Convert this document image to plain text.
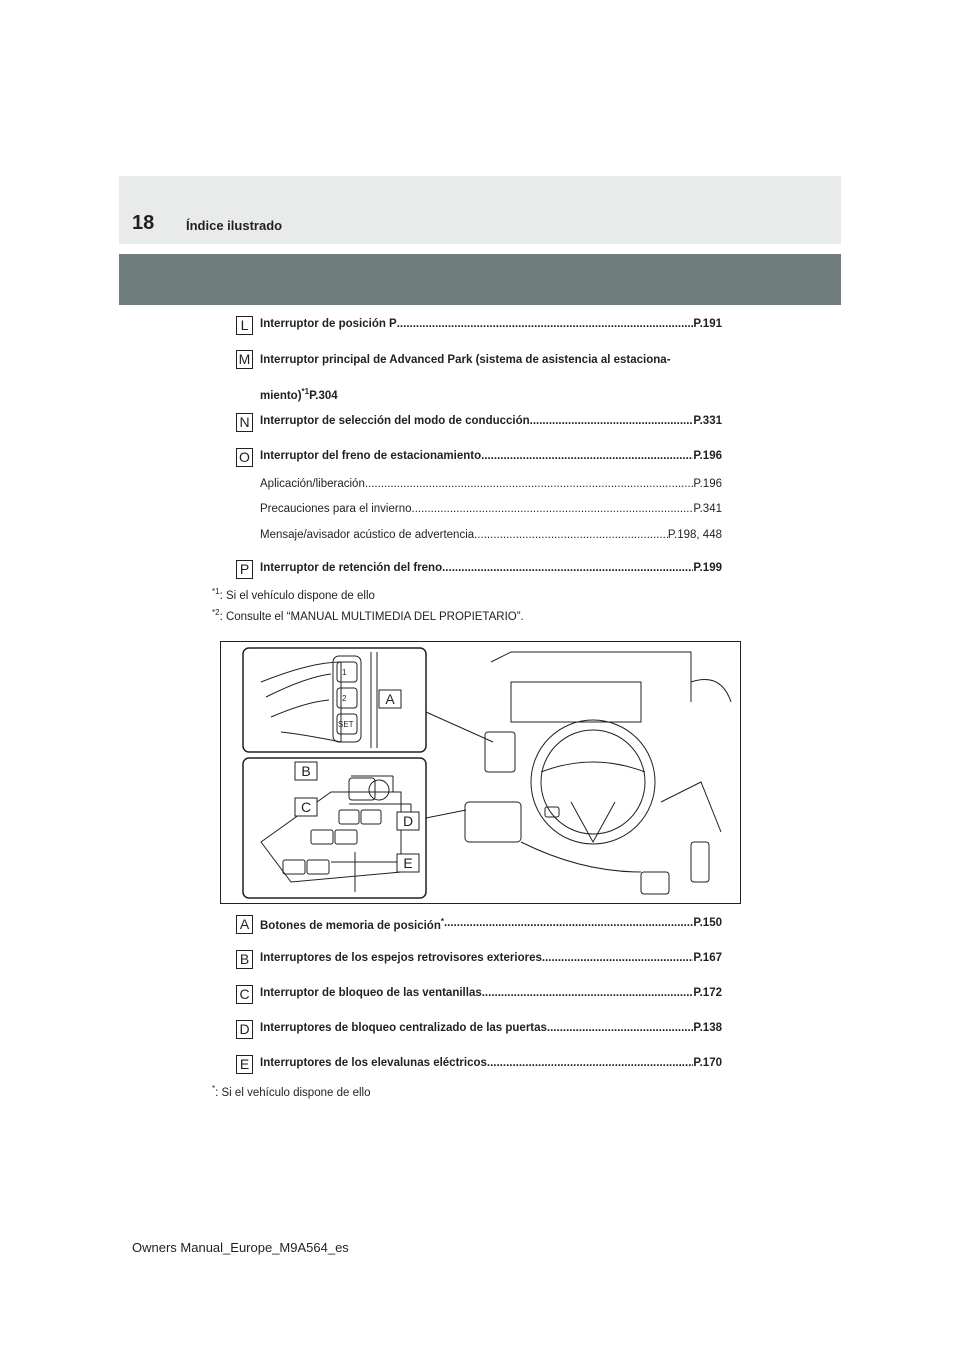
18 Índice ilustrado
L	Interruptor de posición P .....	P.191
M Interruptor principal de Advanced Park (sistema de asistencia al estaciona-
miento)$^{*1}$P.304
N Interruptor de selección del modo de conducción .....	P.331
O Interruptor del freno de estacionamiento .....	P.196
Aplicación/liberación .....	P.196
Precauciones para el invierno .....	P.341
Mensaje/avisador acústico de advertencia .....	P.198, 448
P Interruptor de retención del freno .....	P.199
$^{*1}$: Si el vehículo dispone de ello
$^{*2}$: Consulte el “MANUAL MULTIMEDIA DEL PROPIETARIO”.
1
2
SET
A
B
C
D
E
A Botones de memoria de posición* .....	P.150
B Interruptores de los espejos retrovisores exteriores .....	P.167
C Interruptor de bloqueo de las ventanillas .....	P.172
D Interruptores de bloqueo centralizado de las puertas .....	P.138
E Interruptores de los elevalunas eléctricos .....	P.170
*: Si el vehículo dispone de ello
Owners Manual_Europe_M9A564_es
